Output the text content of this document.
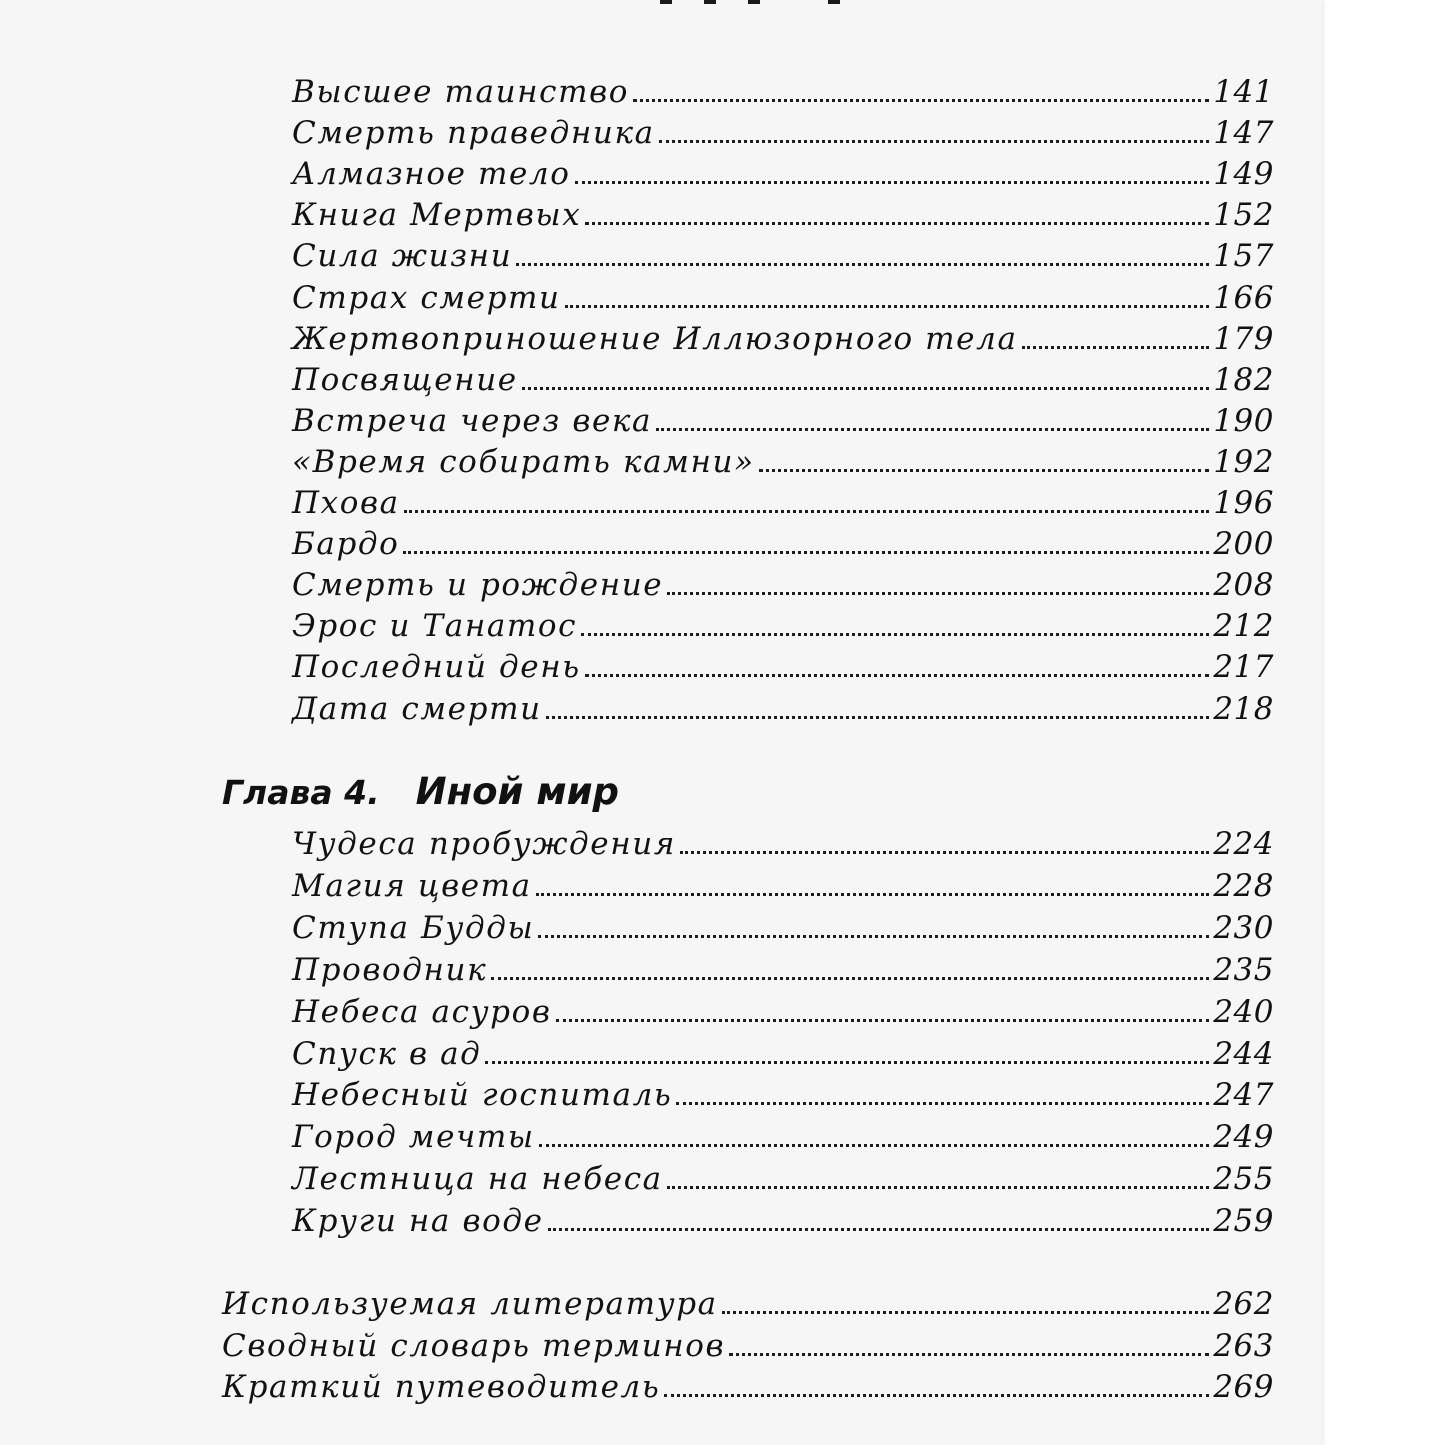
Высшее таинство	141
Смерть праведника	147
Алмазное тело	149
Книга Мертвых	152
Сила жизни	157
Страх смерти	166
Жертвоприношение Иллюзорного тела	179
Посвящение	182
Встреча через века	190
«Время собирать камни»	192
Пхова	196
Бардо	200
Смерть и рождение	208
Эрос и Танатос	212
Последний день	217
Дата смерти	218
Глава 4. Иной мир
Чудеса пробуждения	224
Магия цвета	228
Ступа Будды	230
Проводник	235
Небеса асуров	240
Спуск в ад	244
Небесный госпиталь	247
Город мечты	249
Лестница на небеса	255
Круги на воде	259
Используемая литература	262
Сводный словарь терминов	263
Краткий путеводитель	269
